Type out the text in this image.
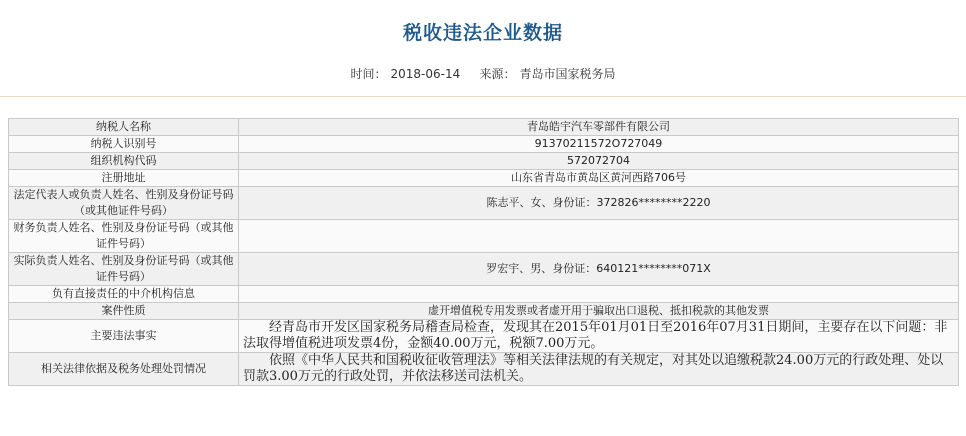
税收违法企业数据
时间： 2018-06-14 来源： 青岛市国家税务局
纳税人名称	青岛皓宇汽车零部件有限公司
纳税人识别号	91370211572O727049
组织机构代码	572072704
注册地址	山东省青岛市黄岛区黄河西路706号
法定代表人或负责人姓名、性别及身份证号码（或其他证件号码）	陈志平、女、身份证：372826********2220
财务负责人姓名、性别及身份证号码（或其他证件号码）	
实际负责人姓名、性别及身份证号码（或其他证件号码）	罗宏宇、男、身份证：640121********071X
负有直接责任的中介机构信息	
案件性质	虚开增值税专用发票或者虚开用于骗取出口退税、抵扣税款的其他发票
主要违法事实	　　经青岛市开发区国家税务局稽查局检查，发现其在2015年01月01日至2016年07月31日期间，主要存在以下问题：非法取得增值税进项发票4份，金额40.00万元，税额7.00万元。
相关法律依据及税务处理处罚情况	　　依照《中华人民共和国税收征收管理法》等相关法律法规的有关规定，对其处以追缴税款24.00万元的行政处理、处以罚款3.00万元的行政处罚，并依法移送司法机关。
